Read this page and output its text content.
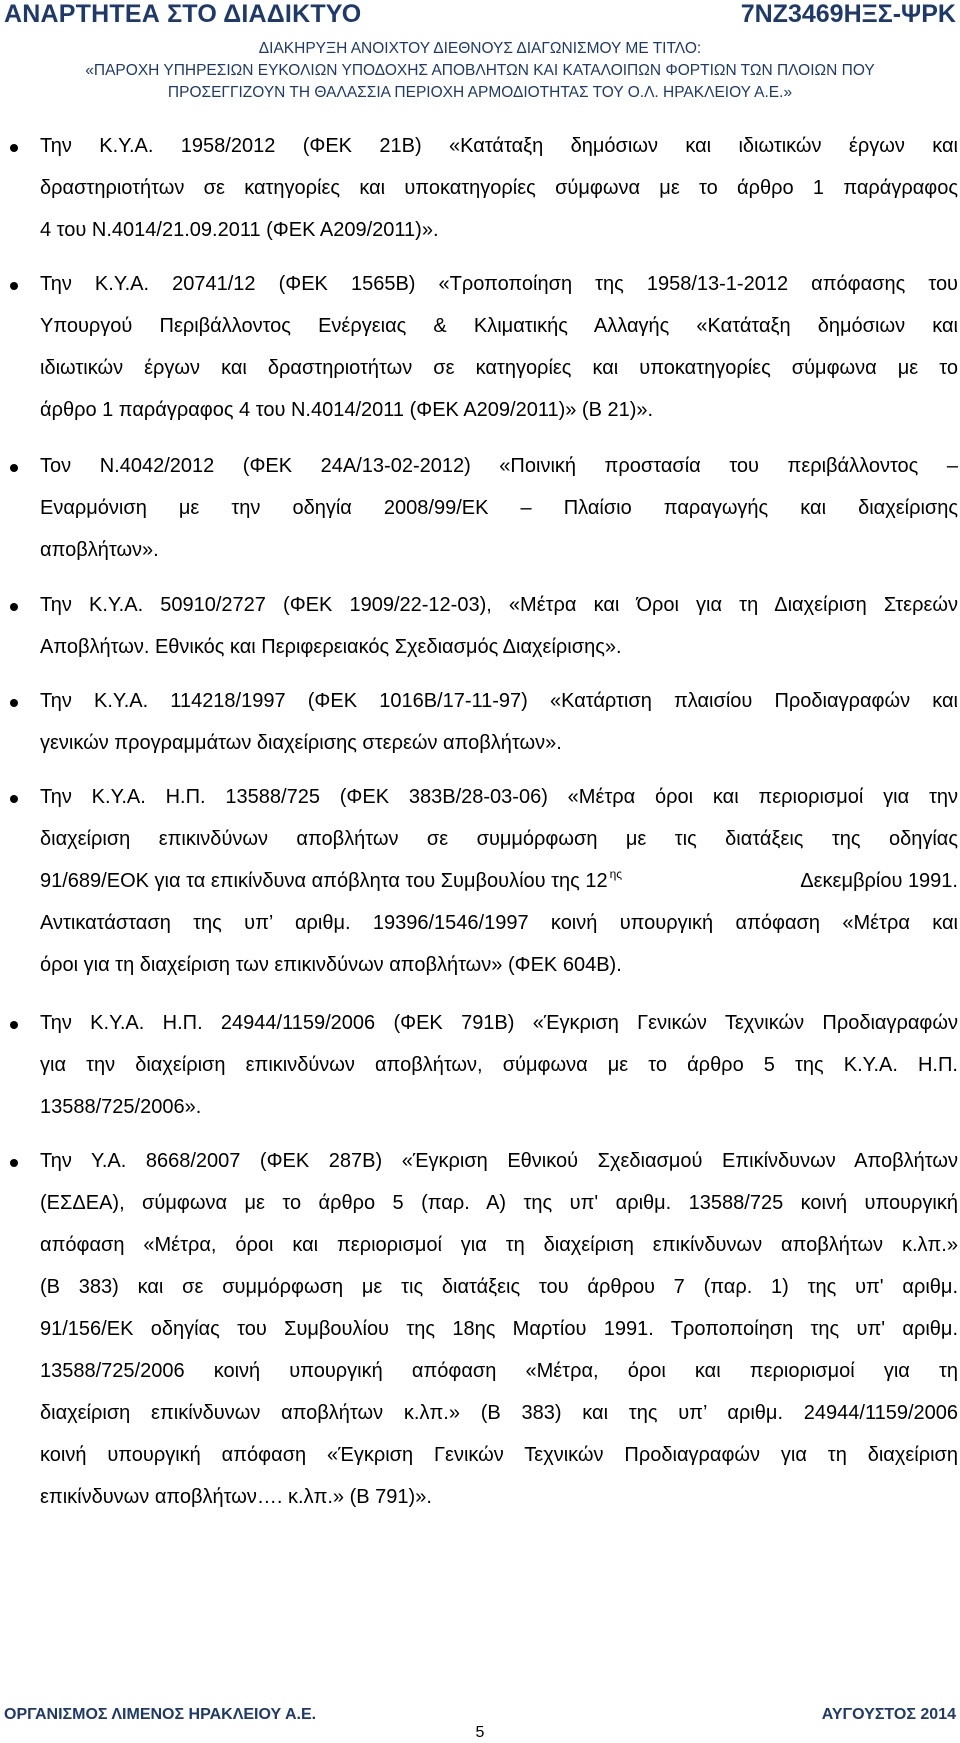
ΑΝΑΡΤΗΤΕΑ ΣΤΟ ΔΙΑΔΙΚΤΥΟ	7ΝΖ3469ΗΞΣ-ΨΡΚ
ΔΙΑΚΗΡΥΞΗ ΑΝΟΙΧΤΟΥ ΔΙΕΘΝΟΥΣ ΔΙΑΓΩΝΙΣΜΟΥ ΜΕ ΤΙΤΛΟ:
«ΠΑΡΟΧΗ ΥΠΗΡΕΣΙΩΝ ΕΥΚΟΛΙΩΝ ΥΠΟΔΟΧΗΣ ΑΠΟΒΛΗΤΩΝ ΚΑΙ ΚΑΤΑΛΟΙΠΩΝ ΦΟΡΤΙΩΝ ΤΩΝ ΠΛΟΙΩΝ ΠΟΥ
ΠΡΟΣΕΓΓΙΖΟΥΝ ΤΗ ΘΑΛΑΣΣΙΑ ΠΕΡΙΟΧΗ ΑΡΜΟΔΙΟΤΗΤΑΣ ΤΟΥ Ο.Λ. ΗΡΑΚΛΕΙΟΥ Α.Ε.»
Την Κ.Υ.Α. 1958/2012 (ΦΕΚ 21Β) «Κατάταξη δημόσιων και ιδιωτικών έργων και
δραστηριοτήτων σε κατηγορίες και υποκατηγορίες σύμφωνα με το άρθρο 1 παράγραφος
4 του Ν.4014/21.09.2011 (ΦΕΚ Α209/2011)».
Την Κ.Υ.Α. 20741/12 (ΦΕΚ 1565Β) «Τροποποίηση της 1958/13-1-2012 απόφασης του
Υπουργού Περιβάλλοντος Ενέργειας & Κλιματικής Αλλαγής «Κατάταξη δημόσιων και
ιδιωτικών έργων και δραστηριοτήτων σε κατηγορίες και υποκατηγορίες σύμφωνα με το
άρθρο 1 παράγραφος 4 του Ν.4014/2011 (ΦΕΚ Α209/2011)» (Β 21)».
Τον Ν.4042/2012 (ΦΕΚ 24Α/13-02-2012) «Ποινική προστασία του περιβάλλοντος –
Εναρμόνιση με την οδηγία 2008/99/ΕΚ – Πλαίσιο παραγωγής και διαχείρισης
αποβλήτων».
Την Κ.Υ.Α. 50910/2727 (ΦΕΚ 1909/22-12-03), «Μέτρα και Όροι για τη Διαχείριση Στερεών
Αποβλήτων. Εθνικός και Περιφερειακός Σχεδιασμός Διαχείρισης».
Την Κ.Υ.Α. 114218/1997 (ΦΕΚ 1016Β/17-11-97) «Κατάρτιση πλαισίου Προδιαγραφών και
γενικών προγραμμάτων διαχείρισης στερεών αποβλήτων».
Την Κ.Υ.Α. Η.Π. 13588/725 (ΦΕΚ 383Β/28-03-06) «Μέτρα όροι και περιορισμοί για την
διαχείριση επικινδύνων αποβλήτων σε συμμόρφωση με τις διατάξεις της οδηγίας
91/689/ΕΟΚ για τα επικίνδυνα απόβλητα του Συμβουλίου της 12 $^{\eta\varsigma}$	Δεκεμβρίου 1991.
Αντικατάσταση της υπ’ αριθμ. 19396/1546/1997 κοινή υπουργική απόφαση «Μέτρα και
όροι για τη διαχείριση των επικινδύνων αποβλήτων» (ΦΕΚ 604Β).
Την Κ.Υ.Α. Η.Π. 24944/1159/2006 (ΦΕΚ 791Β) «Έγκριση Γενικών Τεχνικών Προδιαγραφών
για την διαχείριση επικινδύνων αποβλήτων, σύμφωνα με το άρθρο 5 της Κ.Υ.Α. Η.Π.
13588/725/2006».
Την Υ.Α. 8668/2007 (ΦΕΚ 287Β) «Έγκριση Εθνικού Σχεδιασμού Επικίνδυνων Αποβλήτων
(ΕΣΔΕΑ), σύμφωνα με το άρθρο 5 (παρ. Α) της υπ' αριθμ. 13588/725 κοινή υπουργική
απόφαση «Μέτρα, όροι και περιορισμοί για τη διαχείριση επικίνδυνων αποβλήτων κ.λπ.»
(Β 383) και σε συμμόρφωση με τις διατάξεις του άρθρου 7 (παρ. 1) της υπ' αριθμ.
91/156/ΕΚ οδηγίας του Συμβουλίου της 18ης Μαρτίου 1991. Τροποποίηση της υπ' αριθμ.
13588/725/2006 κοινή υπουργική απόφαση «Μέτρα, όροι και περιορισμοί για τη
διαχείριση επικίνδυνων αποβλήτων κ.λπ.» (Β 383) και της υπ’ αριθμ. 24944/1159/2006
κοινή υπουργική απόφαση «Έγκριση Γενικών Τεχνικών Προδιαγραφών για τη διαχείριση
επικίνδυνων αποβλήτων…. κ.λπ.» (Β 791)».
ΟΡΓΑΝΙΣΜΟΣ ΛΙΜΕΝΟΣ ΗΡΑΚΛΕΙΟΥ Α.Ε.	ΑΥΓΟΥΣΤΟΣ 2014
5
